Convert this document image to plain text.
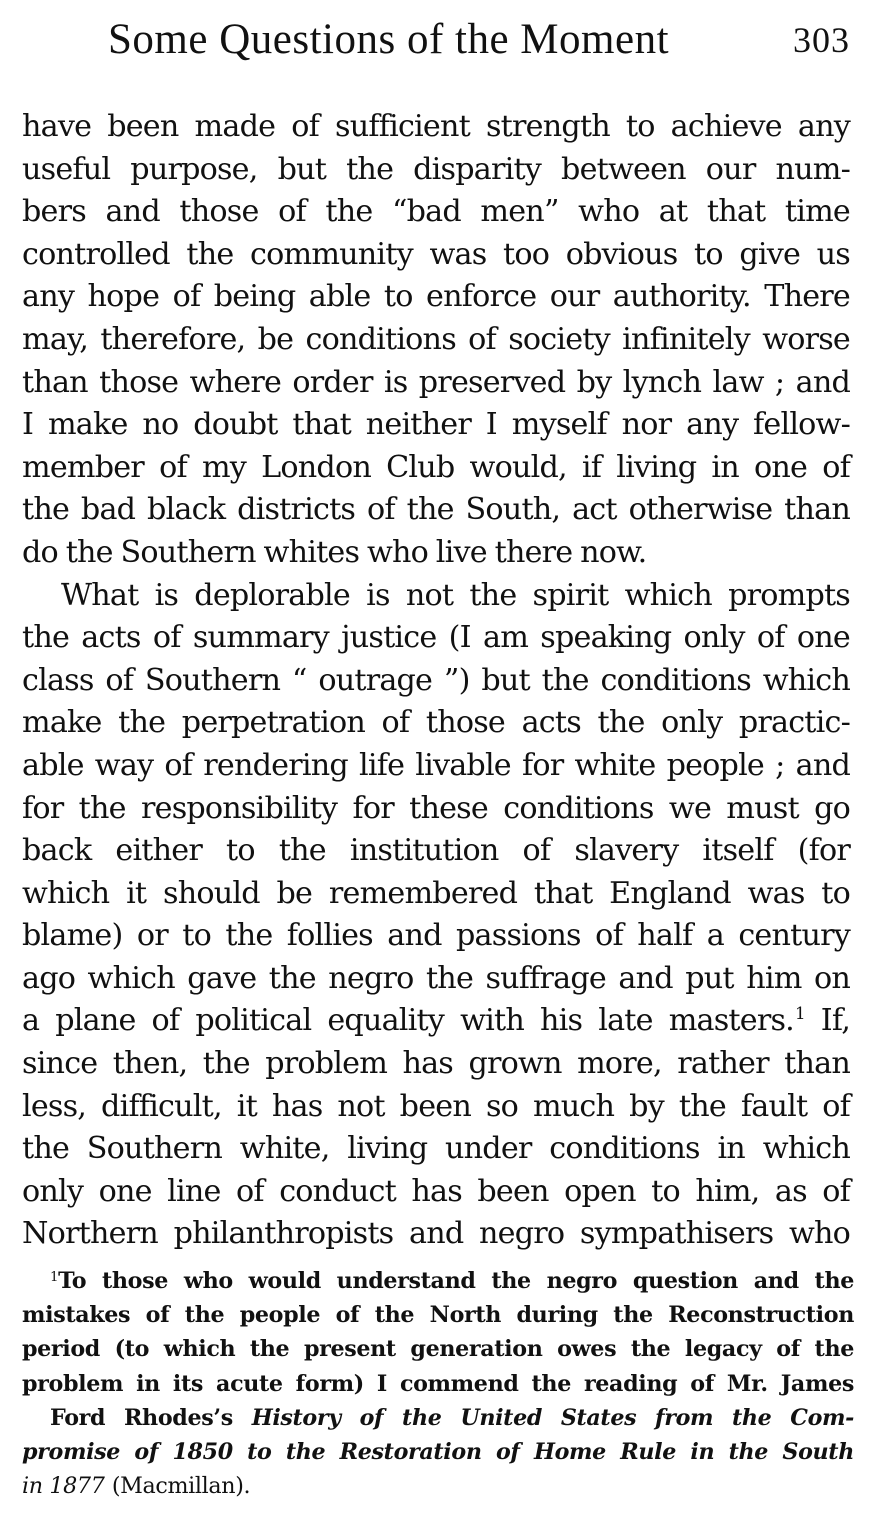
Some Questions of the Moment	303
have been made of sufficient strength to achieve any
useful purpose, but the disparity between our num-
bers and those of the “bad men” who at that time
controlled the community was too obvious to give us
any hope of being able to enforce our authority. There
may, therefore, be conditions of society infinitely worse
than those where order is preserved by lynch law ; and
I make no doubt that neither I myself nor any fellow-
member of my London Club would, if living in one of
the bad black districts of the South, act otherwise than
do the Southern whites who live there now.
What is deplorable is not the spirit which prompts
the acts of summary justice (I am speaking only of one
class of Southern “ outrage ”) but the conditions which
make the perpetration of those acts the only practic-
able way of rendering life livable for white people ; and
for the responsibility for these conditions we must go
back either to the institution of slavery itself (for
which it should be remembered that England was to
blame) or to the follies and passions of half a century
ago which gave the negro the suffrage and put him on
a plane of political equality with his late masters.$^1$ If,
since then, the problem has grown more, rather than
less, difficult, it has not been so much by the fault of
the Southern white, living under conditions in which
only one line of conduct has been open to him, as of
Northern philanthropists and negro sympathisers who
$^1$To those who would understand the negro question and the
mistakes of the people of the North during the Reconstruction
period (to which the present generation owes the legacy of the
problem in its acute form) I commend the reading of Mr. James
Ford Rhodes’s History of the United States from the Com-
promise of 1850 to the Restoration of Home Rule in the South
in 1877 (Macmillan).
